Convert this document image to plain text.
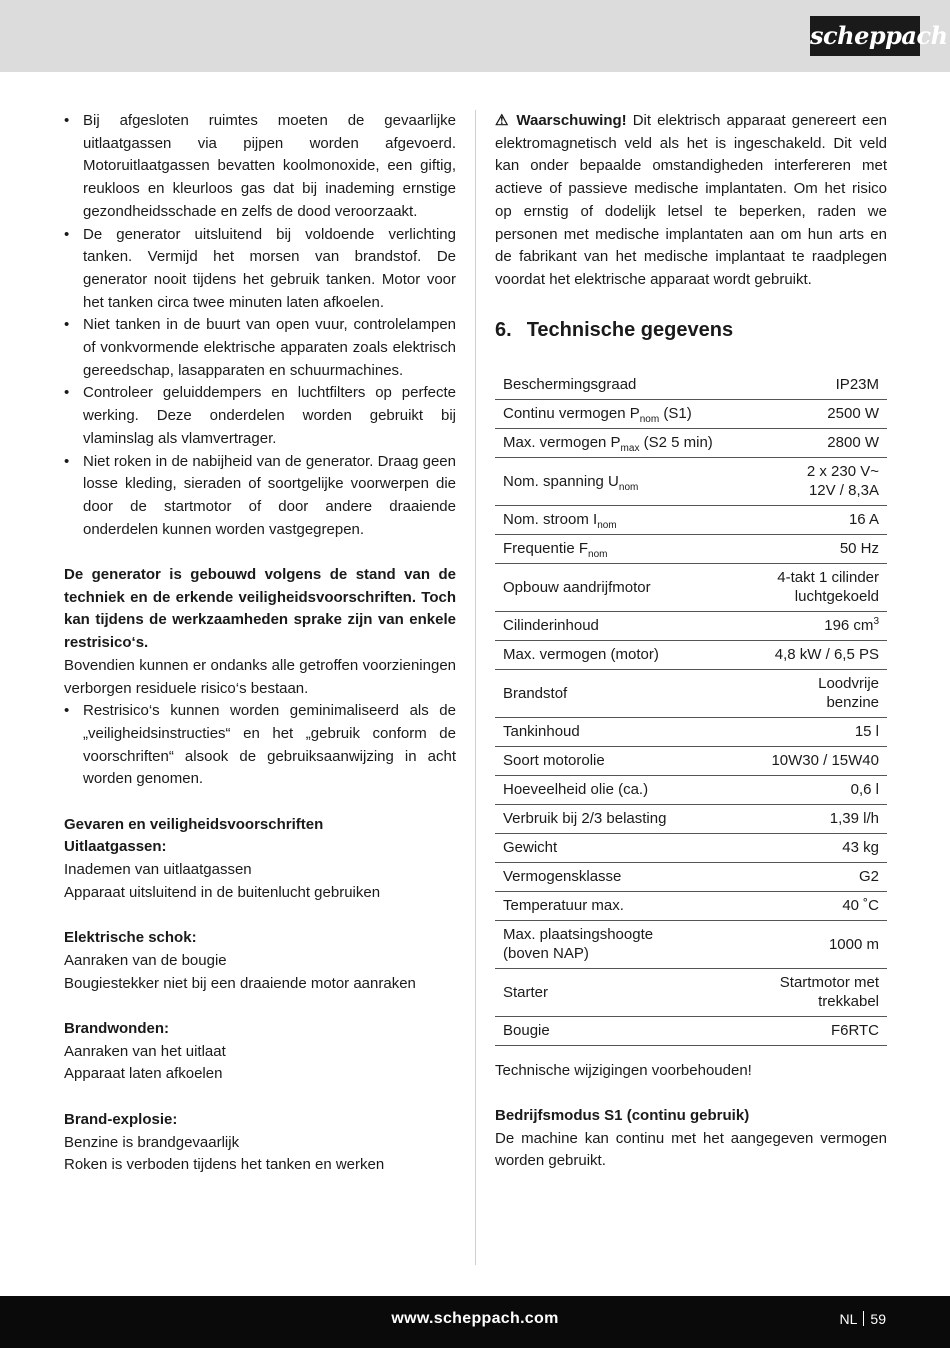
scheppach
• Bij afgesloten ruimtes moeten de gevaarlijke uitlaatgassen via pijpen worden afgevoerd. Motoruitlaatgassen bevatten koolmonoxide, een giftig, reukloos en kleurloos gas dat bij inademing ernstige gezondheidsschade en zelfs de dood veroorzaakt.
• De generator uitsluitend bij voldoende verlichting tanken. Vermijd het morsen van brandstof. De generator nooit tijdens het gebruik tanken. Motor voor het tanken circa twee minuten laten afkoelen.
• Niet tanken in de buurt van open vuur, controlelampen of vonkvormende elektrische apparaten zoals elektrisch gereedschap, lasapparaten en schuurmachines.
• Controleer geluiddempers en luchtfilters op perfecte werking. Deze onderdelen worden gebruikt bij vlaminslag als vlamvertrager.
• Niet roken in de nabijheid van de generator. Draag geen losse kleding, sieraden of soortgelijke voorwerpen die door de startmotor of door andere draaiende onderdelen kunnen worden vastgegrepen.

De generator is gebouwd volgens de stand van de techniek en de erkende veiligheidsvoorschriften. Toch kan tijdens de werkzaamheden sprake zijn van enkele restrisico‘s.

Bovendien kunnen er ondanks alle getroffen voorzieningen verborgen residuele risico‘s bestaan.

• Restrisico‘s kunnen worden geminimaliseerd als de „veiligheidsinstructies“ en het „gebruik conform de voorschriften“ alsook de gebruiksaanwijzing in acht worden genomen.

Gevaren en veiligheidsvoorschriften

Uitlaatgassen:

Inademen van uitlaatgassen

Apparaat uitsluitend in de buitenlucht gebruiken

Elektrische schok:

Aanraken van de bougie

Bougiestekker niet bij een draaiende motor aanraken

Brandwonden:

Aanraken van het uitlaat

Apparaat laten afkoelen

Brand-explosie:

Benzine is brandgevaarlijk

Roken is verboden tijdens het tanken en werken

⚠ Waarschuwing! Dit elektrisch apparaat genereert een elektromagnetisch veld als het is ingeschakeld. Dit veld kan onder bepaalde omstandigheden interfereren met actieve of passieve medische implantaten. Om het risico op ernstig of dodelijk letsel te beperken, raden we personen met medische implantaten aan om hun arts en de fabrikant van het medische implantaat te raadplegen voordat het elektrische apparaat wordt gebruikt.

6. Technische gegevens
Beschermingsgraad	IP23M
Continu vermogen $P_{nom}$ (S1)	2500 W
Max. vermogen $P_{max}$ (S2 5 min)	2800 W
Nom. spanning $U_{nom}$	2 x 230 V~
12V / 8,3A
Nom. stroom $I_{nom}$	16 A
Frequentie $F_{nom}$	50 Hz
Opbouw aandrijfmotor	4-takt 1 cilinder
luchtgekoeld
Cilinderinhoud	196 $cm^3$
Max. vermogen (motor)	4,8 kW / 6,5 PS
Brandstof	Loodvrije
benzine
Tankinhoud	15 l
Soort motorolie	10W30 / 15W40
Hoeveelheid olie (ca.)	0,6 l
Verbruik bij 2/3 belasting	1,39 l/h
Gewicht	43 kg
Vermogensklasse	G2
Temperatuur max.	40 ˚C
Max. plaatsingshoogte
(boven NAP)	1000 m
Starter	Startmotor met
trekkabel
Bougie	F6RTC

Technische wijzigingen voorbehouden!

Bedrijfsmodus S1 (continu gebruik)

De machine kan continu met het aangegeven vermogen worden gebruikt.

www.scheppach.com	NL 59
